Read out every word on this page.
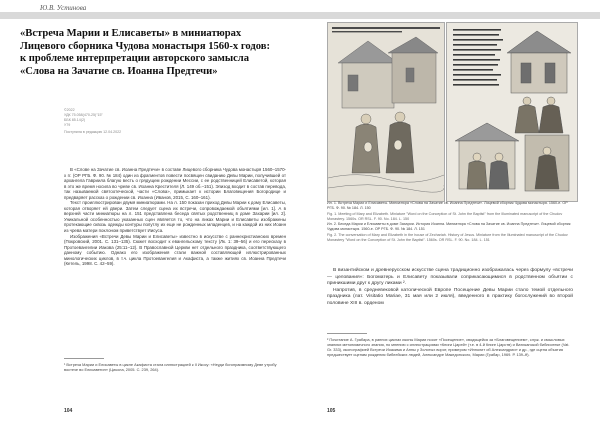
Ю.В. Устинова
«Встреча Марии и Елисаветы» в миниатюрах Лицевого сборника Чудова монастыря 1560-х годов: к проблеме интерпретации авторского замысла «Слова на Зачатие св. Иоанна Предтечи»
©2022
УДК 75.058(470-25)"15"
ББК 85.14(2)
У79
Поступила в редакцию 12.04.2022

В «Слове на Зачатие св. Иоанна Предтечи» в составе Лицевого сборника Чудова монастыря 1560–1570-х гг. (ОР РГБ. Ф. 90. № 184) один из фрагментов повести посвящен свиданию Девы Марии, получившей от архангела Гавриила благую весть о грядущем рождении Мессии, с ее родственницей Елисаветой, которая в это же время носила во чреве св. Иоанна Крестителя (Л. 149 об.–151). Эпизод входит в состав перевода, так называемой святоотеческой, части «Слова», примыкает к истории Благовещения Богородице и предваряет рассказ о рождении св. Иоанна (Иванов, 2015, С. 160–161).

Текст проиллюстрирован двумя миниатюрами. На л. 150 показан приход Девы Марии к дому Елисаветы, которая отворяет ей двери. Затем следует сцена их встречи, сопровождаемой объятиями [ил. 1]. А в верхней части миниатюры на л. 151 представлена беседа святых родственниц в доме Захарии [ил. 2]. Уникальной особенностью указанных сцен является то, что на ликах Марии и Елисаветы изображены протекающие сквозь одежды контуры полутлу их еще не рожденных младенцев, и на каждой из них Иоанн из чрева матери поклоном приветствует Иисуса.

Изображения «Встречи Девы Марии и Елисаветы» известно в искусстве с раннехристианских времен (Покровский, 2001. С. 131–135). Сюжет восходит к евангельскому тексту (Лк. 1: 39–56) и его пересказу в Протоевангелии Иакова (25:11–12). В Православной Церкви нет отдельного праздника, соответствующего данному событию. Однако его изображения стали важной составляющей иллюстрированных минологических циклов, в т.ч. цикла Протоевангелия и Акафиста, а также житиях св. Иоанна Предтечи (Кетель, 1998. С. 42–59).

¹ Встреча Марии и Елисаветы в цикле Акафиста стала иллюстрацией к II Икосу: «Неуди богопраимному Деве утробу востече во Елисаветин» (Цикола, 2005. С. 239, 264).
104

Ил. 1. Встреча Марии и Елисаветы. Миниатюра «Слова на Зачатие св. Иоанна Предтечи». Лицевой сборник Чудова монастыря. 1560-е. ОР РГБ. Ф. 90. № 184. Л. 150

Fig. 1. Meeting of Mary and Elizabeth. Miniature "Word on the Conception of St. John the Baptist" from the Illuminated manuscript of the Chudov Monastery. 1560s. OR RSL. F. 90. No. 184. L. 150

Ил. 2. Беседа Марии и Елисаветы в доме Захарии. История Иоанна. Миниатюра «Слова на Зачатие св. Иоанна Предтечи». Лицевой сборник Чудова монастыря. 1560-е. ОР РГБ. Ф. 90. № 184. Л. 151

Fig. 2. The conversation of Mary and Elizabeth in the house of Zechariah. History of Jesus. Miniature from the Illuminated manuscript of the Chudov Monastery "Word on the Conception of St. John the Baptist". 1560s. OR RSL. F. 90. No. 184. L. 151

В византийском и древнерусском искусстве сцена традиционно изображалась через формулу «встречи — целования»: Богоматерь и Елисавету показывали соприкасающимися в родственном объятии с приникшими друг к другу ликами ².

Напротив, в средневековой католической Европе Посещение Девы Марии стало темой отдельного праздника (лат. Visitatio Mariae, 31 мая или 2 июля), введенного в практику богослужений во второй половине XIII в. орденом

² Почитание А. Грабара, в ранних циклах иконы Марии носит «Посещение», сводящейся за «Благовещением», служ. и смысловых знаниях метонимичного знания, по мнению с иллюстрациями «Книги Царей» (т.е. в 4-й Книге Царств) и Ватиканской библиотеке (Vat. Gr. 333), иконографией Встречи Иоакима и Анны у Золотых ворот, примером «Ипполит об Александрии» и др., где сцена объятия предшествует сценам рождения библейских людей, Александре Македонского, Марии (Грабар, 1969. Р. 139–ff).
105
